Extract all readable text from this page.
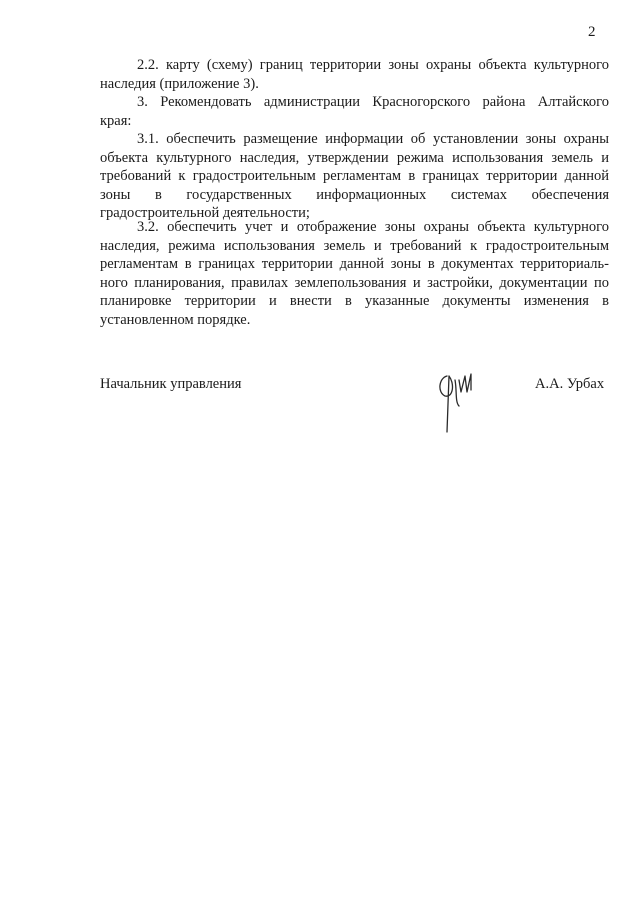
2
2.2. карту (схему) границ территории зоны охраны объекта культурного
наследия (приложение 3).
3. Рекомендовать администрации Красногорского района Алтайского
края:
3.1. обеспечить размещение информации об установлении зоны охраны
объекта культурного наследия, утверждении режима использования земель и
требований к градостроительным регламентам в границах территории данной
зоны в государственных информационных системах обеспечения
градостроительной деятельности;
3.2. обеспечить учет и отображение зоны охраны объекта культурного
наследия, режима использования земель и требований к градостроительным
регламентам в границах территории данной зоны в документах территориаль-
ного планирования, правилах землепользования и застройки, документации по
планировке территории и внести в указанные документы изменения в
установленном порядке.
Начальник управления	А.А. Урбах
